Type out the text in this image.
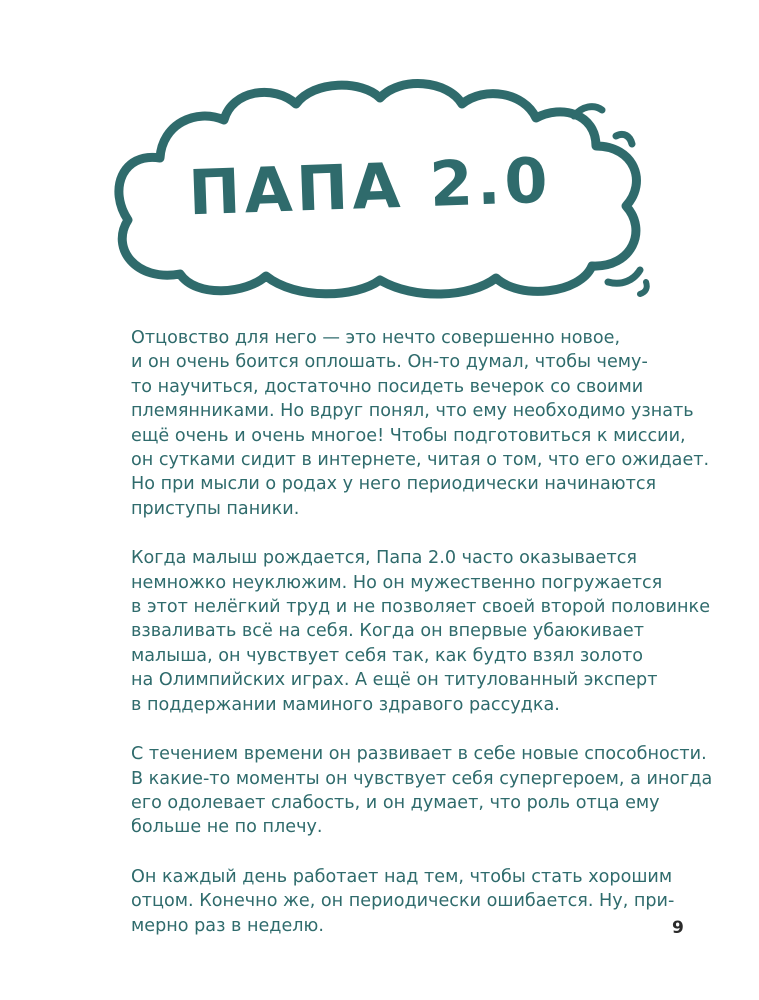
ПАПА 2.0

Отцовство для него — это нечто совершенно новое,
и он очень боится оплошать. Он-то думал, чтобы чему-
то научиться, достаточно посидеть вечерок со своими
племянниками. Но вдруг понял, что ему необходимо узнать
ещё очень и очень многое! Чтобы подготовиться к миссии,
он сутками сидит в интернете, читая о том, что его ожидает.
Но при мысли о родах у него периодически начинаются
приступы паники.

Когда малыш рождается, Папа 2.0 часто оказывается
немножко неуклюжим. Но он мужественно погружается
в этот нелёгкий труд и не позволяет своей второй половинке
взваливать всё на себя. Когда он впервые убаюкивает
малыша, он чувствует себя так, как будто взял золото
на Олимпийских играх. А ещё он титулованный эксперт
в поддержании маминого здравого рассудка.

С течением времени он развивает в себе новые способности.
В какие-то моменты он чувствует себя супергероем, а иногда
его одолевает слабость, и он думает, что роль отца ему
больше не по плечу.

Он каждый день работает над тем, чтобы стать хорошим
отцом. Конечно же, он периодически ошибается. Ну, при-
мерно раз в неделю.	9
